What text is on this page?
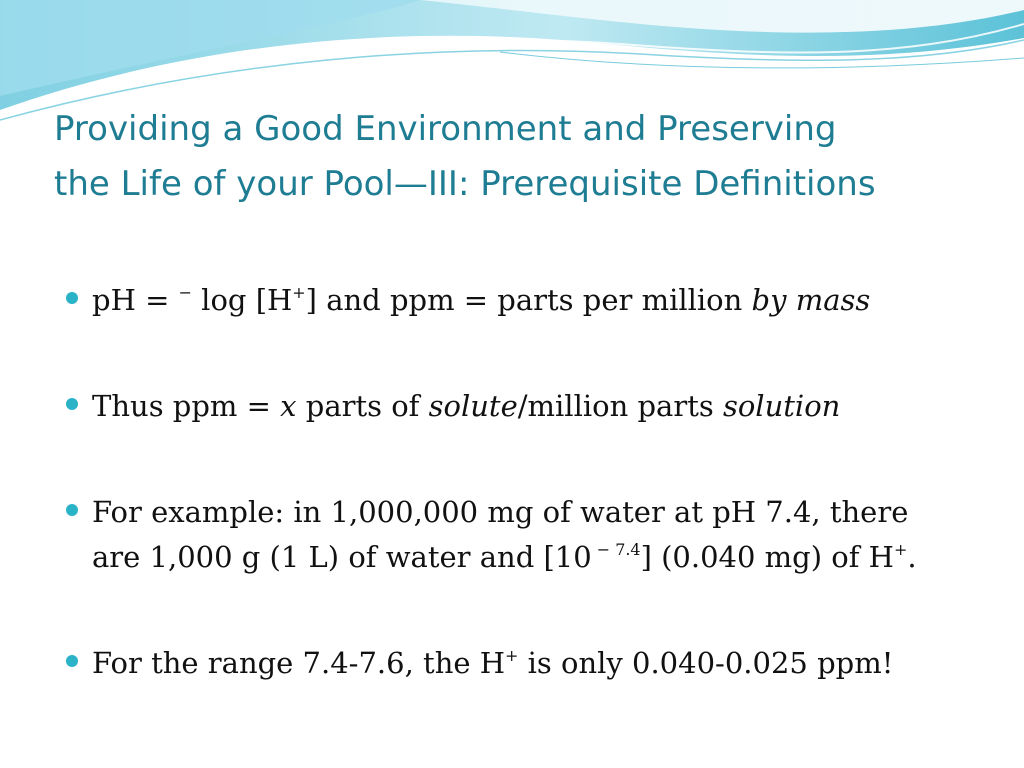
Providing a Good Environment and Preserving
the Life of your Pool—III: Prerequisite Definitions
pH = − log [H+] and ppm = parts per million by mass
Thus ppm = x parts of solute/million parts solution
For example: in 1,000,000 mg of water at pH 7.4, there
are 1,000 g (1 L) of water and [10 $^{- 7.4}$] (0.040 mg) of H+.
For the range 7.4-7.6, the H+ is only 0.040-0.025 ppm!
